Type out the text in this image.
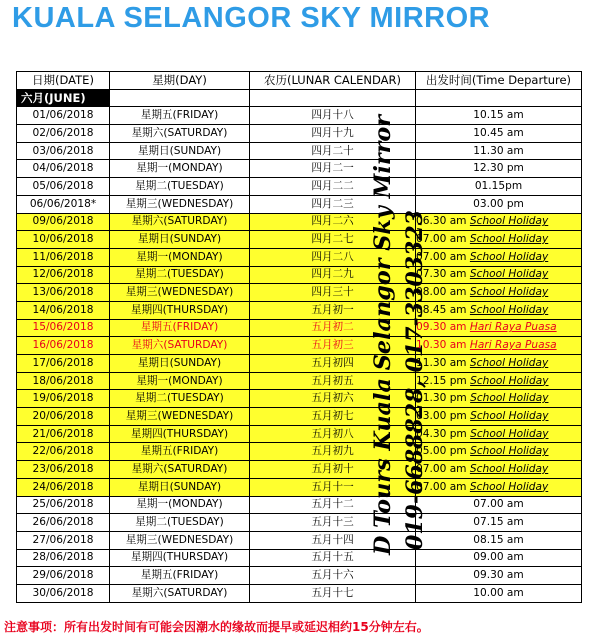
KUALA SELANGOR SKY MIRROR
日期(DATE)	星期(DAY)	农历(LUNAR CALENDAR)	出发时间(Time Departure)
六月(JUNE)			
01/06/2018	星期五(FRIDAY)	四月十八	10.15 am
02/06/2018	星期六(SATURDAY)	四月十九	10.45 am
03/06/2018	星期日(SUNDAY)	四月二十	11.30 am
04/06/2018	星期一(MONDAY)	四月二一	12.30 pm
05/06/2018	星期二(TUESDAY)	四月二二	01.15pm
06/06/2018*	星期三(WEDNESDAY)	四月二三	03.00 pm
09/06/2018	星期六(SATURDAY)	四月二六	06.30 am School Holiday
10/06/2018	星期日(SUNDAY)	四月二七	07.00 am School Holiday
11/06/2018	星期一(MONDAY)	四月二八	07.00 am School Holiday
12/06/2018	星期二(TUESDAY)	四月二九	07.30 am School Holiday
13/06/2018	星期三(WEDNESDAY)	四月三十	08.00 am School Holiday
14/06/2018	星期四(THURSDAY)	五月初一	08.45 am School Holiday
15/06/2018	星期五(FRIDAY)	五月初二	09.30 am Hari Raya Puasa
16/06/2018	星期六(SATURDAY)	五月初三	10.30 am Hari Raya Puasa
17/06/2018	星期日(SUNDAY)	五月初四	11.30 am School Holiday
18/06/2018	星期一(MONDAY)	五月初五	12.15 pm School Holiday
19/06/2018	星期二(TUESDAY)	五月初六	01.30 pm School Holiday
20/06/2018	星期三(WEDNESDAY)	五月初七	03.00 pm School Holiday
21/06/2018	星期四(THURSDAY)	五月初八	04.30 pm School Holiday
22/06/2018	星期五(FRIDAY)	五月初九	05.00 pm School Holiday
23/06/2018	星期六(SATURDAY)	五月初十	07.00 am School Holiday
24/06/2018	星期日(SUNDAY)	五月十一	07.00 am School Holiday
25/06/2018	星期一(MONDAY)	五月十二	07.00 am
26/06/2018	星期二(TUESDAY)	五月十三	07.15 am
27/06/2018	星期三(WEDNESDAY)	五月十四	08.15 am
28/06/2018	星期四(THURSDAY)	五月十五	09.00 am
29/06/2018	星期五(FRIDAY)	五月十六	09.30 am
30/06/2018	星期六(SATURDAY)	五月十七	10.00 am
D Tours Kuala Selangor Sky Mirror 019-6688828, 017-3303323
注意事项：所有出发时间有可能会因潮水的缘故而提早或延迟相约15分钟左右。
